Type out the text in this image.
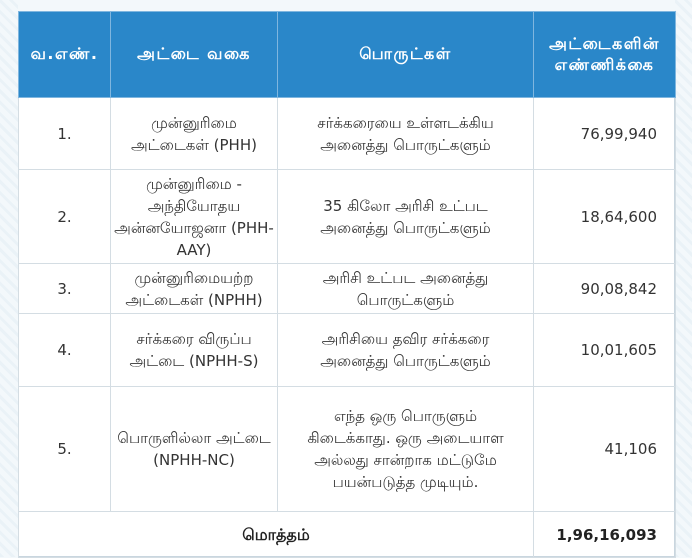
வ.எண்.	அட்டை வகை	பொருட்கள்	அட்டைகளின் எண்ணிக்கை
1.	முன்னுரிமை அட்டைகள் (PHH)	சர்க்கரையை உள்ளடக்கிய அனைத்து பொருட்களும்	76,99,940
2.	முன்னுரிமை - அந்தியோதய அன்னயோஜனா (PHH-AAY)	35 கிலோ அரிசி உட்பட அனைத்து பொருட்களும்	18,64,600
3.	முன்னுரிமையற்ற அட்டைகள் (NPHH)	அரிசி உட்பட அனைத்து பொருட்களும்	90,08,842
4.	சர்க்கரை விருப்ப அட்டை (NPHH-S)	அரிசியை தவிர சர்க்கரை அனைத்து பொருட்களும்	10,01,605
5.	பொருளில்லா அட்டை (NPHH-NC)	எந்த ஒரு பொருளும் கிடைக்காது. ஒரு அடையாள அல்லது சான்றாக மட்டுமே பயன்படுத்த முடியும்.	41,106
மொத்தம்			1,96,16,093
